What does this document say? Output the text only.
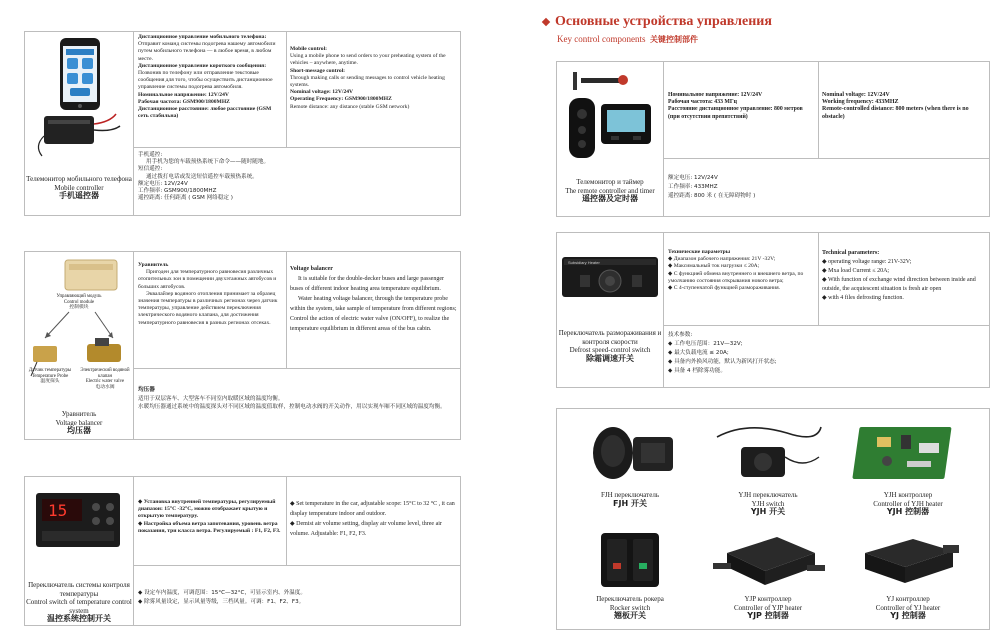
Телемонитор мобильного телефона
Mobile controller
手机遥控器
Дистанционное управление мобильного телефона:
Отправит команд системы подогрева нашему автомобили путем мобильного телефона — в любое время, в любом месте.
Дистанционное управление короткого сообщения:
Позвонив по телефону или отправление текстовые сообщения для того, чтобы осуществить дистанционное управление системы подогрева автомобиля.
Номинальное напряжение: 12V/24V
Рабочая частота: GSM900/1800MHZ
Дистанционное расстояние: любое расстояние (GSM сеть стабильна)
Mobile control:
Using a mobile phone to send orders to your preheating system of the vehicles – anywhere, anytime.
Short-message control:
Through making calls or sending messages to control vehicle heating systems.
Nominal voltage: 12V/24V
Operating Frequency: GSM900/1800MHZ
Remote distance: any distance (stable GSM network)
手机遥控:
用手机为您的车载预热系统下命令——随时随地。
短信遥控:
通过拨打电话或发送短信遥控车载预热系统。
额定电压: 12V/24V
工作频率: GSM900/1800MHZ
遥控距离: 任何距离 ( GSM 网络稳定 )
Управляющий модуль
Control module
控制模块
Датчик температуры
Temperature Probe
温度探头
Электрический водяной клапан
Electric water valve
电动水阀
Уравнитель
Voltage balancer
均压器
Уравнитель
Пригоден для температурного равновесия различных отопительных зон в помещении двухэтажных автобусов и больших автобусов.
Эквалайзер водяного отопления принимает за образец значения температуры в различных регионах через датчик температуры, управление действием переключения электрического водяного клапана, для достижения температурного равновесия в разных регионах отсеках.
Voltage balancer
It is suitable for the double-decker buses and large passenger buses of different indoor heating area temperature equilibrium.
Water heating voltage balancer, through the temperature probe within the system, take sample of temperature from different regions; Control the action of electric water valve (ON/OFF), to realize the temperature equilibrium in different areas of the bus cabin.
均压器
适用于双层客车、大型客车不同室内取暖区域的温度均衡。
水暖均压器通过系统中的温度探头对不同区域的温度值取样，控制电动水阀的开关动作，用以实现车厢不同区域的温度均衡。
15
Переключатель системы контроля температуры
Control switch of temperature control system
温控系统控制开关
◆ Установка внутренней температуры, регулируемый диапазон: 15°C -32°C, можно отображает крытую и открытую температуру.
◆ Настройка объема ветра запотевания, уровень ветра показания, три класса ветра. Регулируемый : F1, F2, F3.
◆ Set temperature in the car, adjustable scope: 15°C to 32 °C , it can display temperature indoor and outdoor.
◆ Demist air volume setting, display air volume level, three air volume. Adjustable: F1, F2, F3.
◆ 设定车内温度，可调范围：15°C—32°C，可显示室内、外温度。
◆ 除雾风量设定，显示风量等级，三档风量。可调：F1、F2、F3。
Основные устройства управления
Key control components 关键控制部件
Телемонитор и таймер
The remote controller and timer
遥控器及定时器
Номинальное напряжение: 12V/24V
Рабочая частота: 433 МГц
Расстояние дистанционное управление: 800 метров (при отсутствии препятствий)
Nominal voltage: 12V/24V
Working frequency: 433MHZ
Remote-controlled distance: 800 meters (when there is no obstacle)
额定电压: 12V/24V
工作频率: 433MHZ
遥控距离: 800 米 ( 在无障碍物时 )
Subsidiary Heater
Переключатель размораживания и контроля скорости
Defrost speed-control switch
除霜调速开关
Технические параметры
◆ Диапазон рабочего напряжения: 21V -32V;
◆ Максимальный ток нагрузки ≤ 20A;
◆ С функцией обмена внутреннего и внешнего ветра, по умолчанию состояния открывания нового ветра;
◆ С 4-ступенчатой функцией размораживания.
Technical parameters:
◆ operating voltage range: 21V-32V;
◆ Mxa load Current ≤ 20A;
◆ With function of exchange wind direction between inside and outside, the acquiescent situation is fresh air open
◆ with 4 files defrosting function.
技术参数:
◆ 工作电压范围：21V—32V;
◆ 最大负载电流 ≤ 20A;
◆ 具备内外换风功能，默认为新风打开状态;
◆ 具备 4 档除雾功能。
FJH переключатель
FJH 开关
YJH переключатель
YJH switch
YJH 开关
YJH контроллер
Controller of YJH heater
YJH 控制器
Переключатель рокера
Rocker switch
翘板开关
YJP контроллер
Controller of YJP heater
YJP 控制器
YJ контроллер
Controller of YJ heater
YJ 控制器
